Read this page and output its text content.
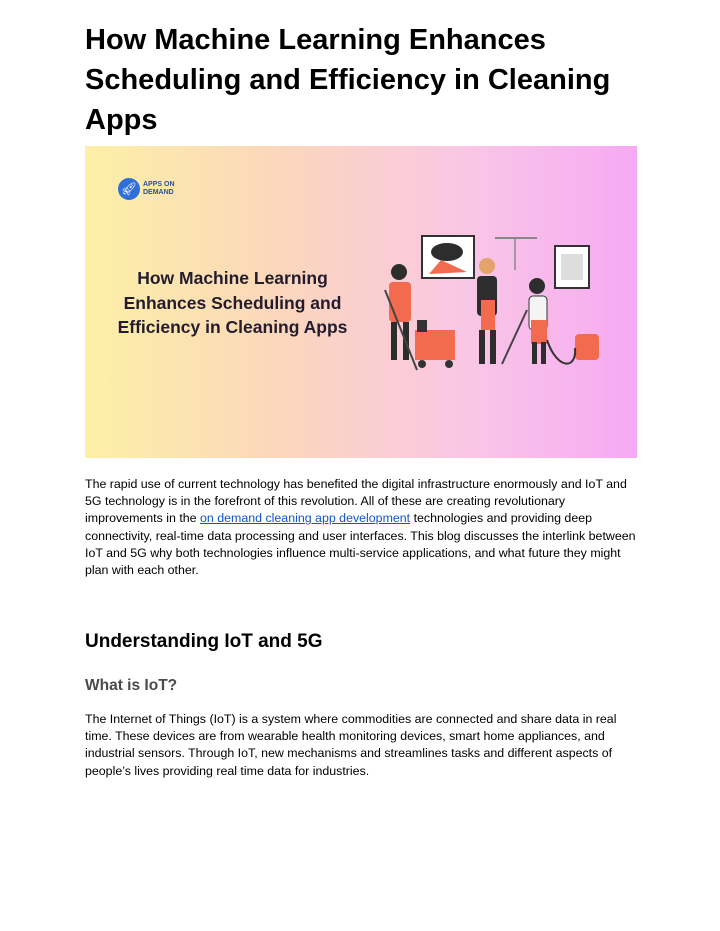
How Machine Learning Enhances Scheduling and Efficiency in Cleaning Apps
🚀︎ APPS ON DEMAND
How Machine Learning Enhances Scheduling and Efficiency in Cleaning Apps

The rapid use of current technology has benefited the digital infrastructure enormously and IoT and 5G technology is in the forefront of this revolution. All of these are creating revolutionary improvements in the on demand cleaning app development technologies and providing deep connectivity, real-time data processing and user interfaces. This blog discusses the interlink between IoT and 5G why both technologies influence multi-service applications, and what future they might plan with each other.

Understanding IoT and 5G
What is IoT?

The Internet of Things (IoT) is a system where commodities are connected and share data in real time. These devices are from wearable health monitoring devices, smart home appliances, and industrial sensors. Through IoT, new mechanisms and streamlines tasks and different aspects of people’s lives providing real time data for industries.
